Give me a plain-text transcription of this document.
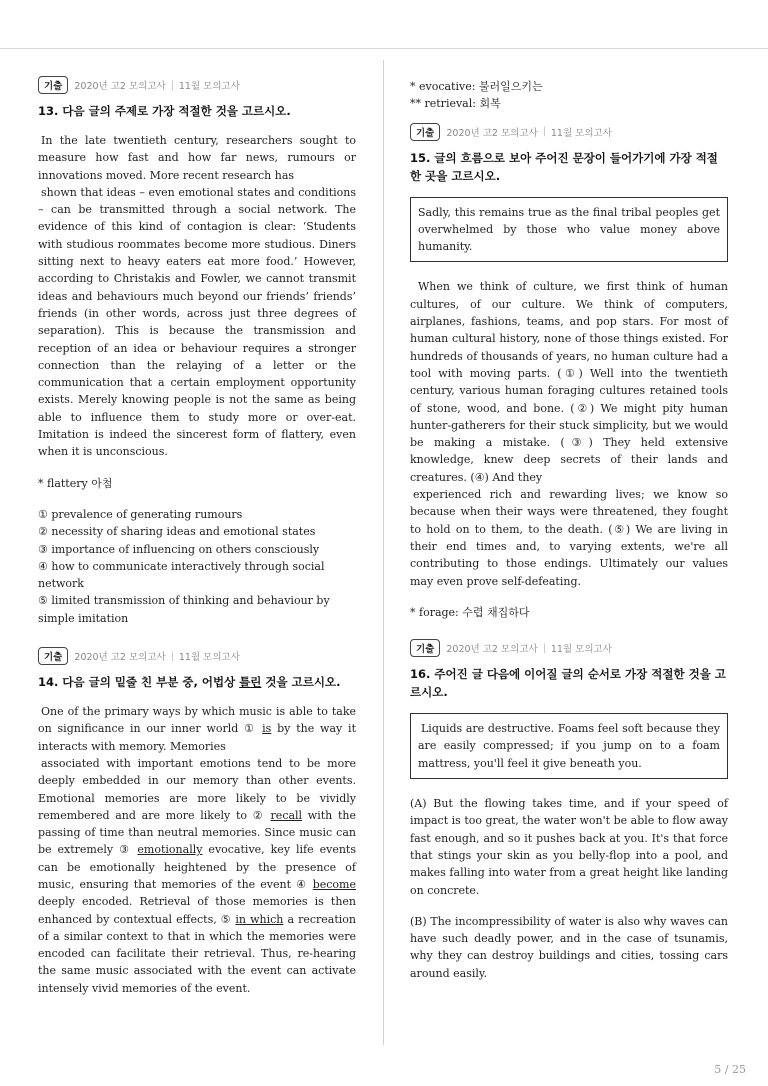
기출	2020년 고2 모의고사 | 11월 모의고사
13. 다음 글의 주제로 가장 적절한 것을 고르시오.

In the late twentieth century, researchers sought to measure how fast and how far news, rumours or innovations moved. More recent research has

shown that ideas – even emotional states and conditions – can be transmitted through a social network. The evidence of this kind of contagion is clear: ‘Students with studious roommates become more studious. Diners sitting next to heavy eaters eat more food.’ However, according to Christakis and Fowler, we cannot transmit ideas and behaviours much beyond our friends’ friends’ friends (in other words, across just three degrees of separation). This is because the transmission and reception of an idea or behaviour requires a stronger connection than the relaying of a letter or the communication that a certain employment opportunity exists. Merely knowing people is not the same as being able to influence them to study more or over-eat. Imitation is indeed the sincerest form of flattery, even when it is unconscious.

* flattery 아첨
① prevalence of generating rumours
② necessity of sharing ideas and emotional states
③ importance of influencing on others consciously
④ how to communicate interactively through social network
⑤ limited transmission of thinking and behaviour by simple imitation
기출	2020년 고2 모의고사 | 11월 모의고사
14. 다음 글의 밑줄 친 부분 중, 어법상 틀린 것을 고르시오.

One of the primary ways by which music is able to take on significance in our inner world ① is by the way it interacts with memory. Memories

associated with important emotions tend to be more deeply embedded in our memory than other events. Emotional memories are more likely to be vividly remembered and are more likely to ② recall with the passing of time than neutral memories. Since music can be extremely ③ emotionally evocative, key life events can be emotionally heightened by the presence of music, ensuring that memories of the event ④ become deeply encoded. Retrieval of those memories is then enhanced by contextual effects, ⑤ in which a recreation of a similar context to that in which the memories were encoded can facilitate their retrieval. Thus, re-hearing the same music associated with the event can activate intensely vivid memories of the event.

* evocative: 불러일으키는
** retrieval: 회복
기출	2020년 고2 모의고사 | 11월 모의고사
15. 글의 흐름으로 보아 주어진 문장이 들어가기에 가장 적절한 곳을 고르시오.

Sadly, this remains true as the final tribal peoples get overwhelmed by those who value money above humanity.

When we think of culture, we first think of human cultures, of our culture. We think of computers, airplanes, fashions, teams, and pop stars. For most of human cultural history, none of those things existed. For hundreds of thousands of years, no human culture had a tool with moving parts. (①) Well into the twentieth century, various human foraging cultures retained tools of stone, wood, and bone. (②) We might pity human hunter-gatherers for their stuck simplicity, but we would be making a mistake. (③) They held extensive knowledge, knew deep secrets of their lands and creatures. (④) And they

experienced rich and rewarding lives; we know so because when their ways were threatened, they fought to hold on to them, to the death. (⑤) We are living in their end times and, to varying extents, we're all contributing to those endings. Ultimately our values may even prove self-defeating.

* forage: 수렵 채집하다
기출	2020년 고2 모의고사 | 11월 모의고사
16. 주어진 글 다음에 이어질 글의 순서로 가장 적절한 것을 고르시오.

Liquids are destructive. Foams feel soft because they are easily compressed; if you jump on to a foam mattress, you'll feel it give beneath you.

(A) But the flowing takes time, and if your speed of impact is too great, the water won't be able to flow away fast enough, and so it pushes back at you. It's that force that stings your skin as you belly-flop into a pool, and makes falling into water from a great height like landing on concrete.

(B) The incompressibility of water is also why waves can have such deadly power, and in the case of tsunamis, why they can destroy buildings and cities, tossing cars around easily.

5 / 25
